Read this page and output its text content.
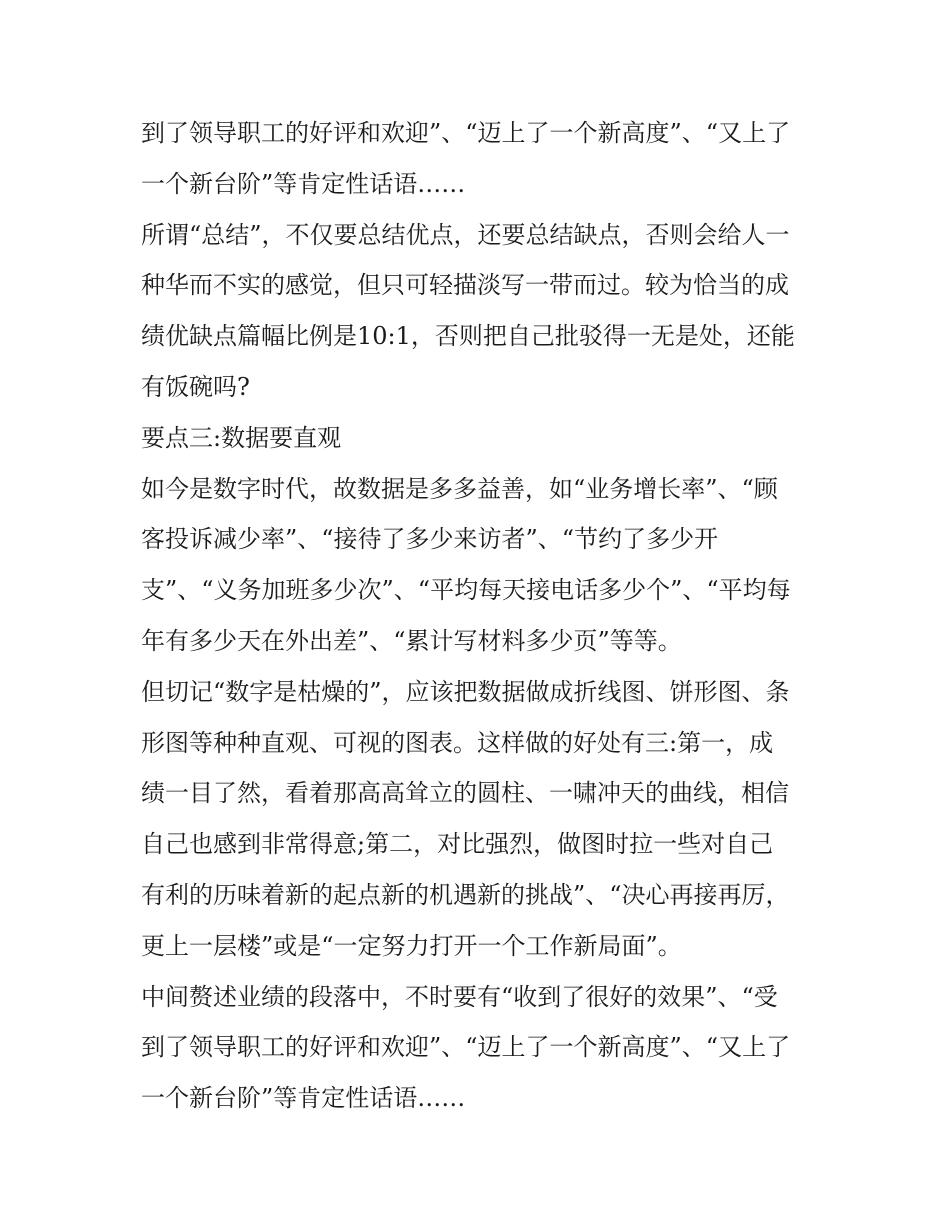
到了领导职工的好评和欢迎”、“迈上了一个新高度”、“又上了
一个新台阶”等肯定性话语……
所谓“总结”，不仅要总结优点，还要总结缺点，否则会给人一
种华而不实的感觉，但只可轻描淡写一带而过。较为恰当的成
绩优缺点篇幅比例是10:1，否则把自己批驳得一无是处，还能
有饭碗吗?
要点三:数据要直观
如今是数字时代，故数据是多多益善，如“业务增长率”、“顾
客投诉减少率”、“接待了多少来访者”、“节约了多少开
支”、“义务加班多少次”、“平均每天接电话多少个”、“平均每
年有多少天在外出差”、“累计写材料多少页”等等。
但切记“数字是枯燥的”，应该把数据做成折线图、饼形图、条
形图等种种直观、可视的图表。这样做的好处有三:第一，成
绩一目了然，看着那高高耸立的圆柱、一啸冲天的曲线，相信
自己也感到非常得意;第二，对比强烈，做图时拉一些对自己
有利的历味着新的起点新的机遇新的挑战”、“决心再接再厉，
更上一层楼”或是“一定努力打开一个工作新局面”。
中间赘述业绩的段落中，不时要有“收到了很好的效果”、“受
到了领导职工的好评和欢迎”、“迈上了一个新高度”、“又上了
一个新台阶”等肯定性话语……
